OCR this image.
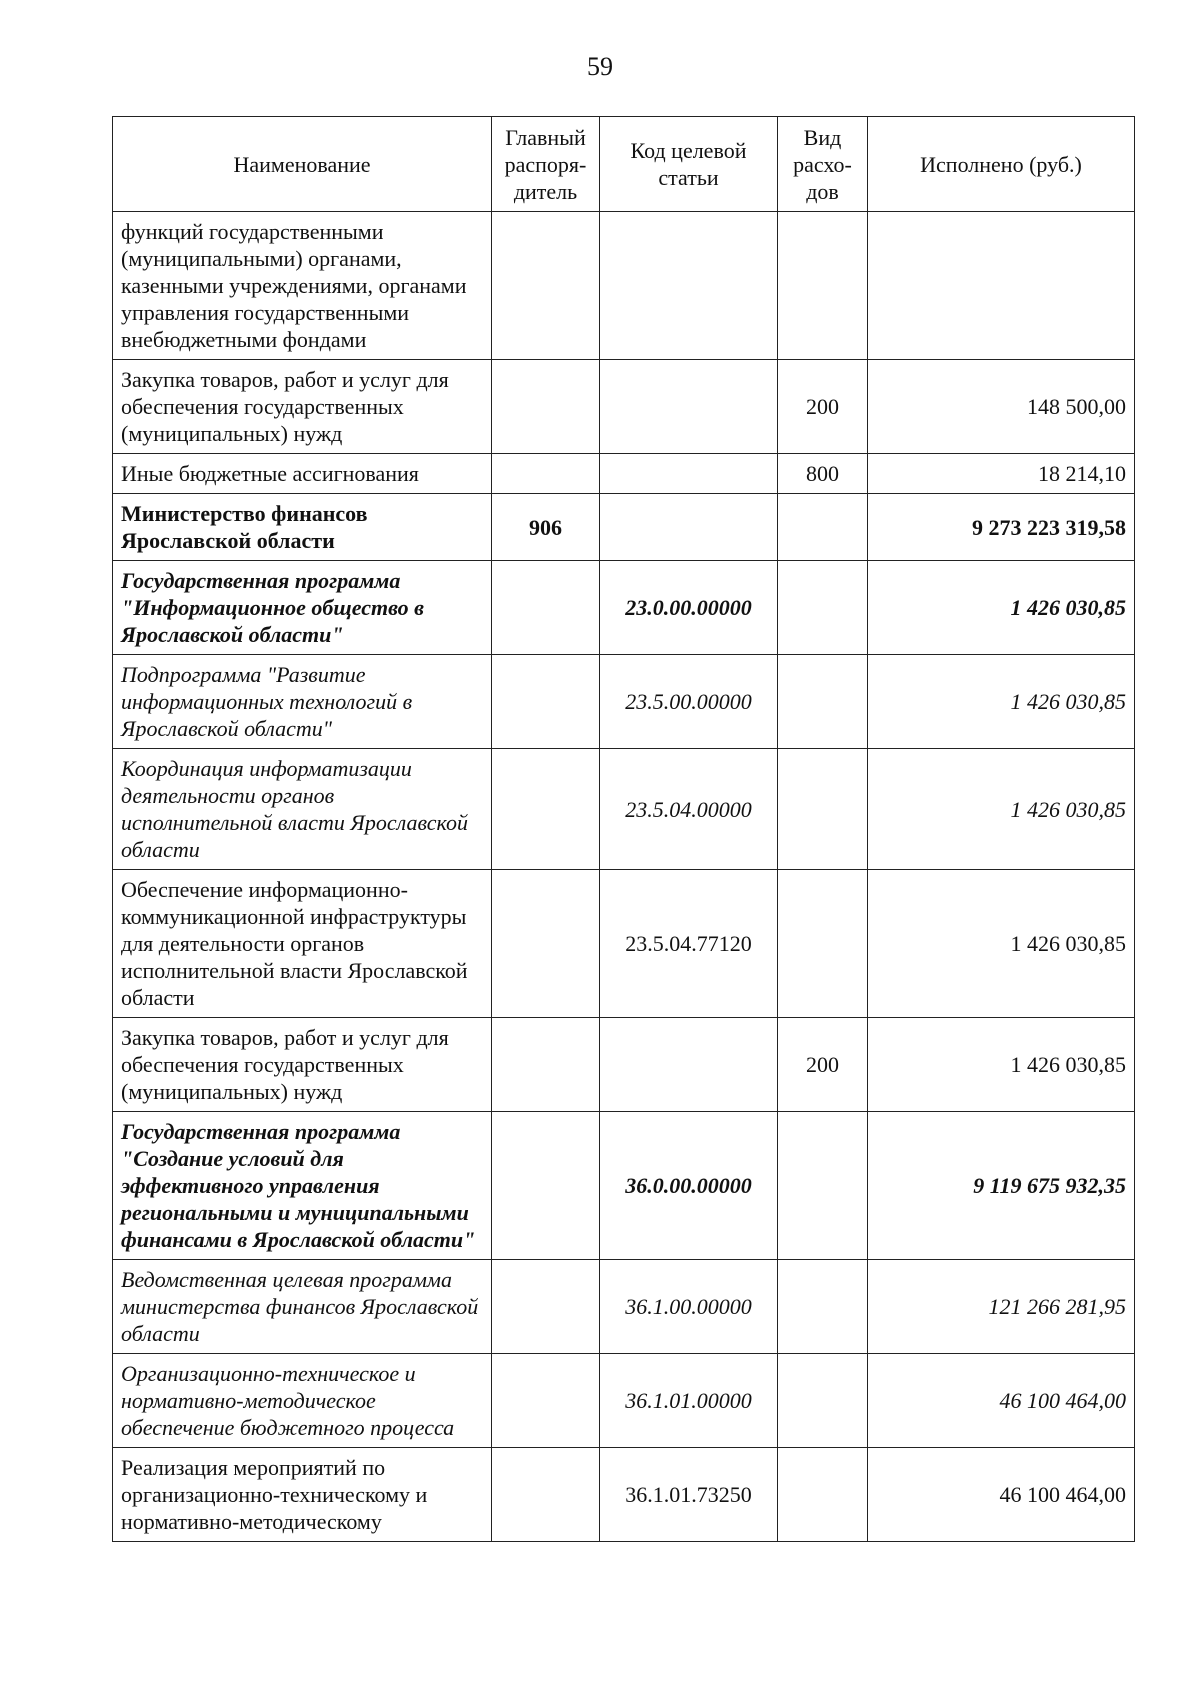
59
Наименование	Главный распоря-дитель	Код целевой статьи	Вид расхо-дов	Исполнено (руб.)
функций государственными (муниципальными) органами, казенными учреждениями, органами управления государственными внебюджетными фондами				
Закупка товаров, работ и услуг для обеспечения государственных (муниципальных) нужд			200	148 500,00
Иные бюджетные ассигнования			800	18 214,10
Министерство финансов Ярославской области	906			9 273 223 319,58
Государственная программа "Информационное общество в Ярославской области"		23.0.00.00000		1 426 030,85
Подпрограмма "Развитие информационных технологий в Ярославской области"		23.5.00.00000		1 426 030,85
Координация информатизации деятельности органов исполнительной власти Ярославской области		23.5.04.00000		1 426 030,85
Обеспечение информационно-коммуникационной инфраструктуры для деятельности органов исполнительной власти Ярославской области		23.5.04.77120		1 426 030,85
Закупка товаров, работ и услуг для обеспечения государственных (муниципальных) нужд			200	1 426 030,85
Государственная программа "Создание условий для эффективного управления региональными и муниципальными финансами в Ярославской области"		36.0.00.00000		9 119 675 932,35
Ведомственная целевая программа министерства финансов Ярославской области		36.1.00.00000		121 266 281,95
Организационно-техническое и нормативно-методическое обеспечение бюджетного процесса		36.1.01.00000		46 100 464,00
Реализация мероприятий по организационно-техническому и нормативно-методическому		36.1.01.73250		46 100 464,00
